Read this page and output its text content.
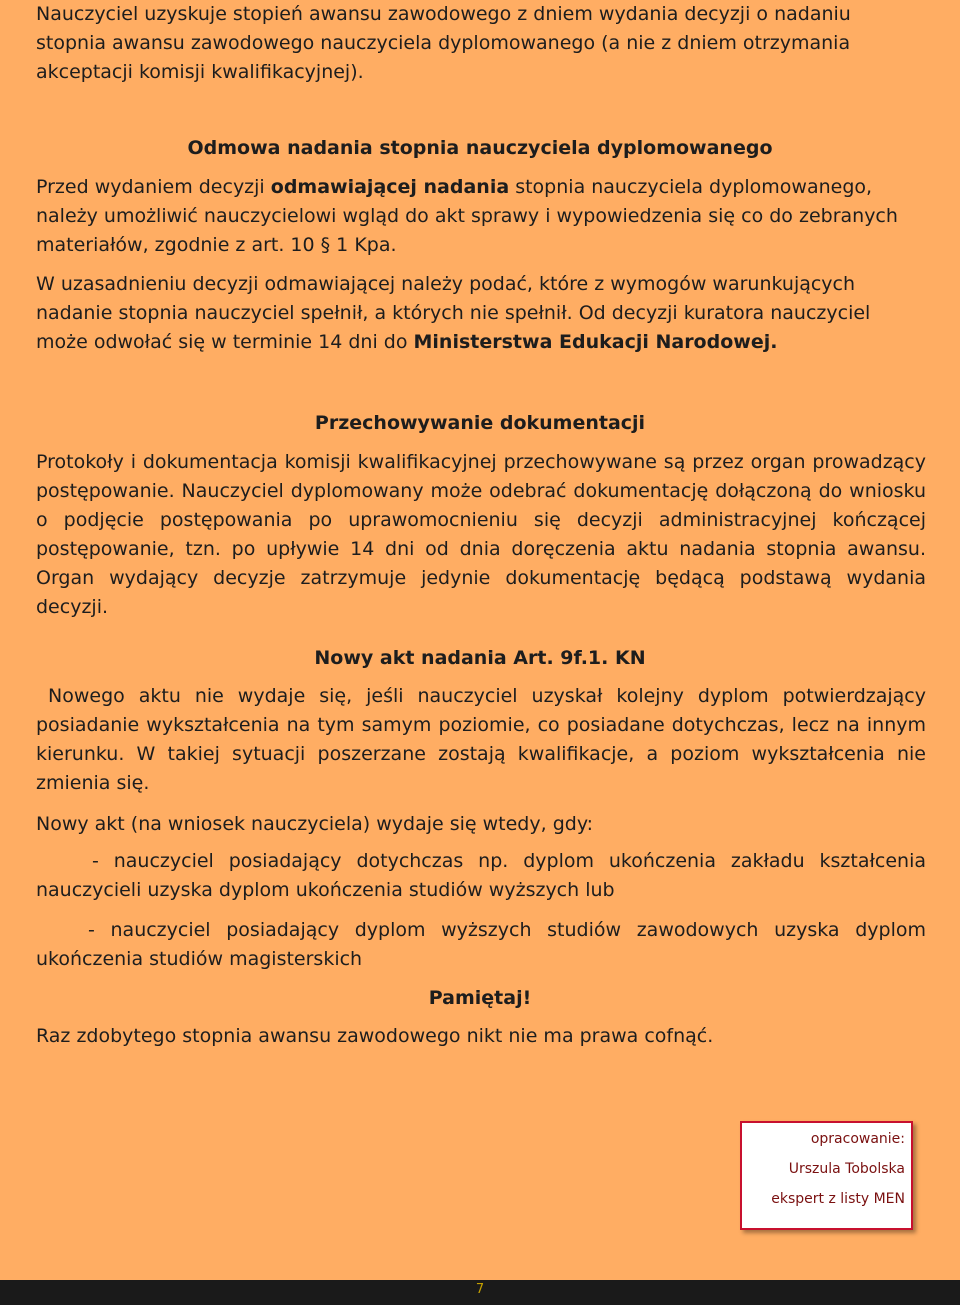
Nauczyciel uzyskuje stopień awansu zawodowego z dniem wydania decyzji o nadaniu stopnia awansu zawodowego nauczyciela dyplomowanego (a nie z dniem otrzymania akceptacji komisji kwalifikacyjnej).

Odmowa nadania stopnia nauczyciela dyplomowanego

Przed wydaniem decyzji odmawiającej nadania stopnia nauczyciela dyplomowanego, należy umożliwić nauczycielowi wgląd do akt sprawy i wypowiedzenia się co do zebranych materiałów, zgodnie z art. 10 § 1 Kpa.

W uzasadnieniu decyzji odmawiającej należy podać, które z wymogów warunkujących nadanie stopnia nauczyciel spełnił, a których nie spełnił. Od decyzji kuratora nauczyciel może odwołać się w terminie 14 dni do Ministerstwa Edukacji Narodowej.

Przechowywanie dokumentacji

Protokoły i dokumentacja komisji kwalifikacyjnej przechowywane są przez organ prowadzący postępowanie. Nauczyciel dyplomowany może odebrać dokumentację dołączoną do wniosku o podjęcie postępowania po uprawomocnieniu się decyzji administracyjnej kończącej postępowanie, tzn. po upływie 14 dni od dnia doręczenia aktu nadania stopnia awansu. Organ wydający decyzje zatrzymuje jedynie dokumentację będącą podstawą wydania decyzji.

Nowy akt nadania Art. 9f.1. KN

Nowego aktu nie wydaje się, jeśli nauczyciel uzyskał kolejny dyplom potwierdzający posiadanie wykształcenia na tym samym poziomie, co posiadane dotychczas, lecz na innym kierunku. W takiej sytuacji poszerzane zostają kwalifikacje, a poziom wykształcenia nie zmienia się.

Nowy akt (na wniosek nauczyciela) wydaje się wtedy, gdy:

- nauczyciel posiadający dotychczas np. dyplom ukończenia zakładu kształcenia nauczycieli uzyska dyplom ukończenia studiów wyższych lub

- nauczyciel posiadający dyplom wyższych studiów zawodowych uzyska dyplom ukończenia studiów magisterskich

Pamiętaj!

Raz zdobytego stopnia awansu zawodowego nikt nie ma prawa cofnąć.

opracowanie:
Urszula Tobolska
ekspert z listy MEN
7
